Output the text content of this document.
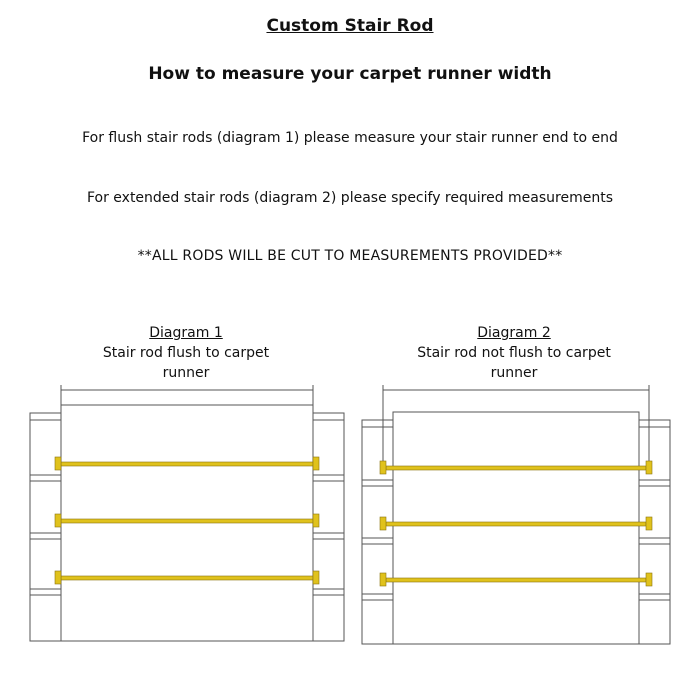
Custom Stair Rod
How to measure your carpet runner width
For flush stair rods (diagram 1) please measure your stair runner end to end
For extended stair rods (diagram 2) please specify required measurements
**ALL RODS WILL BE CUT TO MEASUREMENTS PROVIDED**
Diagram 1
Stair rod flush to carpet
runner
Diagram 2
Stair rod not flush to carpet
runner
